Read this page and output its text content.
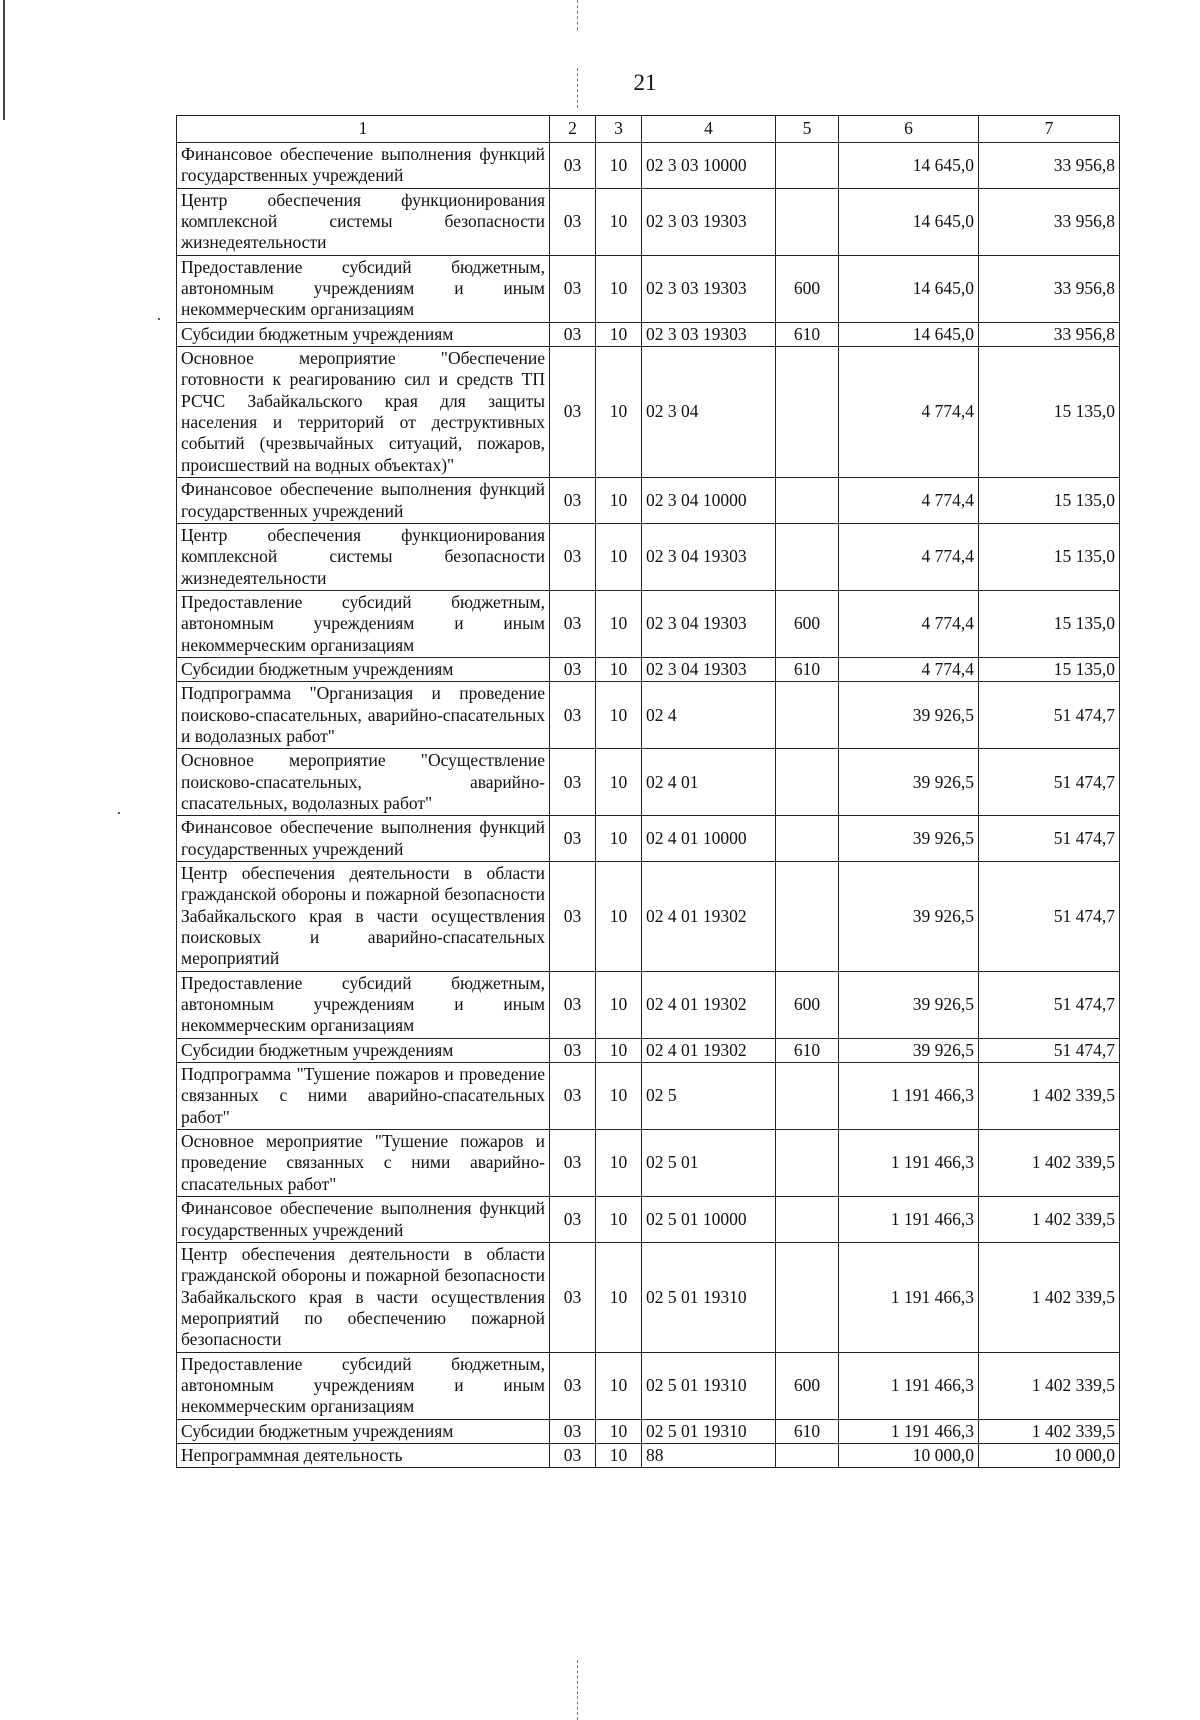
21
1	2	3	4	5	6	7
Финансовое обеспечение выполнения функций государственных учреждений	03	10	02 3 03 10000		14 645,0	33 956,8
Центр обеспечения функционирования комплексной системы безопасности жизнедеятельности	03	10	02 3 03 19303		14 645,0	33 956,8
Предоставление субсидий бюджетным, автономным учреждениям и иным некоммерческим организациям	03	10	02 3 03 19303	600	14 645,0	33 956,8
Субсидии бюджетным учреждениям	03	10	02 3 03 19303	610	14 645,0	33 956,8
Основное мероприятие "Обеспечение готовности к реагированию сил и средств ТП РСЧС Забайкальского края для защиты населения и территорий от деструктивных событий (чрезвычайных ситуаций, пожаров, происшествий на водных объектах)"	03	10	02 3 04		4 774,4	15 135,0
Финансовое обеспечение выполнения функций государственных учреждений	03	10	02 3 04 10000		4 774,4	15 135,0
Центр обеспечения функционирования комплексной системы безопасности жизнедеятельности	03	10	02 3 04 19303		4 774,4	15 135,0
Предоставление субсидий бюджетным, автономным учреждениям и иным некоммерческим организациям	03	10	02 3 04 19303	600	4 774,4	15 135,0
Субсидии бюджетным учреждениям	03	10	02 3 04 19303	610	4 774,4	15 135,0
Подпрограмма "Организация и проведение поисково-спасательных, аварийно-спасательных и водолазных работ"	03	10	02 4		39 926,5	51 474,7
Основное мероприятие "Осуществление поисково-спасательных, аварийно-спасательных, водолазных работ"	03	10	02 4 01		39 926,5	51 474,7
Финансовое обеспечение выполнения функций государственных учреждений	03	10	02 4 01 10000		39 926,5	51 474,7
Центр обеспечения деятельности в области гражданской обороны и пожарной безопасности Забайкальского края в части осуществления поисковых и аварийно-спасательных мероприятий	03	10	02 4 01 19302		39 926,5	51 474,7
Предоставление субсидий бюджетным, автономным учреждениям и иным некоммерческим организациям	03	10	02 4 01 19302	600	39 926,5	51 474,7
Субсидии бюджетным учреждениям	03	10	02 4 01 19302	610	39 926,5	51 474,7
Подпрограмма "Тушение пожаров и проведение связанных с ними аварийно-спасательных работ"	03	10	02 5		1 191 466,3	1 402 339,5
Основное мероприятие "Тушение пожаров и проведение связанных с ними аварийно-спасательных работ"	03	10	02 5 01		1 191 466,3	1 402 339,5
Финансовое обеспечение выполнения функций государственных учреждений	03	10	02 5 01 10000		1 191 466,3	1 402 339,5
Центр обеспечения деятельности в области гражданской обороны и пожарной безопасности Забайкальского края в части осуществления мероприятий по обеспечению пожарной безопасности	03	10	02 5 01 19310		1 191 466,3	1 402 339,5
Предоставление субсидий бюджетным, автономным учреждениям и иным некоммерческим организациям	03	10	02 5 01 19310	600	1 191 466,3	1 402 339,5
Субсидии бюджетным учреждениям	03	10	02 5 01 19310	610	1 191 466,3	1 402 339,5
Непрограммная деятельность	03	10	88		10 000,0	10 000,0
